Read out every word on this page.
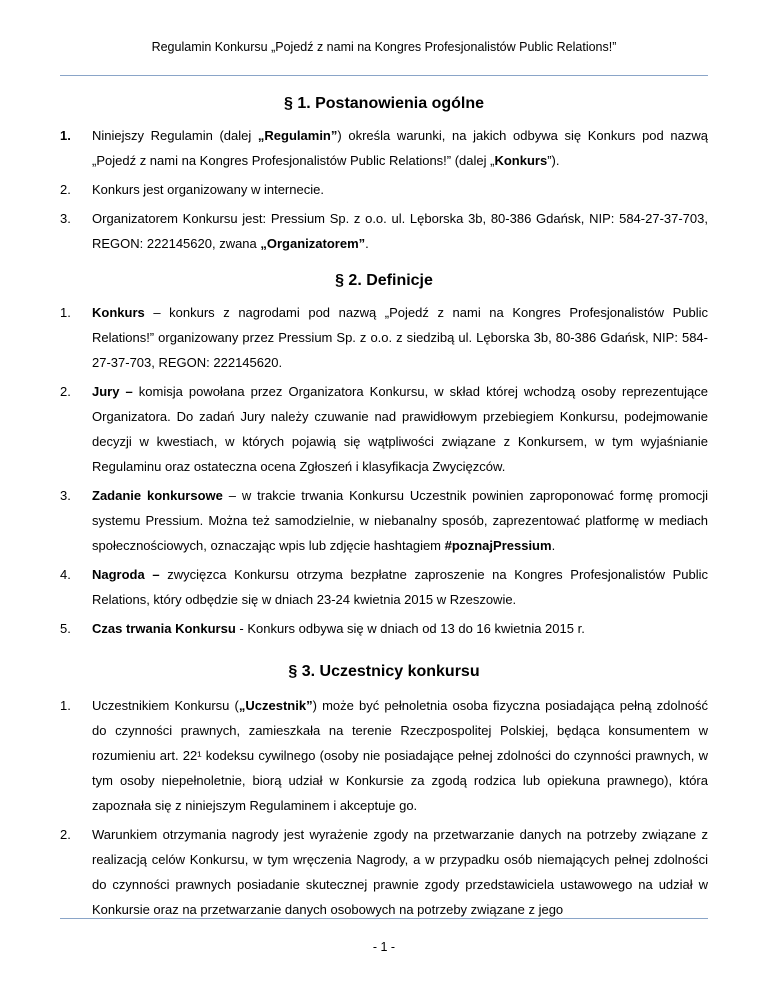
Regulamin Konkursu „Pojedź z nami na Kongres Profesjonalistów Public Relations!”
§ 1. Postanowienia ogólne
1. Niniejszy Regulamin (dalej „Regulamin”) określa warunki, na jakich odbywa się Konkurs pod nazwą „Pojedź z nami na Kongres Profesjonalistów Public Relations!” (dalej „Konkurs”).
2. Konkurs jest organizowany w internecie.
3. Organizatorem Konkursu jest: Pressium Sp. z o.o. ul. Lęborska 3b, 80-386 Gdańsk, NIP: 584-27-37-703, REGON: 222145620, zwana „Organizatorem”.
§ 2. Definicje
1. Konkurs – konkurs z nagrodami pod nazwą „Pojedź z nami na Kongres Profesjonalistów Public Relations!” organizowany przez Pressium Sp. z o.o. z siedzibą ul. Lęborska 3b, 80-386 Gdańsk, NIP: 584-27-37-703, REGON: 222145620.
2. Jury – komisja powołana przez Organizatora Konkursu, w skład której wchodzą osoby reprezentujące Organizatora. Do zadań Jury należy czuwanie nad prawidłowym przebiegiem Konkursu, podejmowanie decyzji w kwestiach, w których pojawią się wątpliwości związane z Konkursem, w tym wyjaśnianie Regulaminu oraz ostateczna ocena Zgłoszeń i klasyfikacja Zwycięzców.
3. Zadanie konkursowe – w trakcie trwania Konkursu Uczestnik powinien zaproponować formę promocji systemu Pressium. Można też samodzielnie, w niebanalny sposób, zaprezentować platformę w mediach społecznościowych, oznaczając wpis lub zdjęcie hashtagiem #poznajPressium.
4. Nagroda – zwycięzca Konkursu otrzyma bezpłatne zaproszenie na Kongres Profesjonalistów Public Relations, który odbędzie się w dniach 23-24 kwietnia 2015 w Rzeszowie.
5. Czas trwania Konkursu - Konkurs odbywa się w dniach od 13 do 16 kwietnia 2015 r.
§ 3. Uczestnicy konkursu
1. Uczestnikiem Konkursu („Uczestnik”) może być pełnoletnia osoba fizyczna posiadająca pełną zdolność do czynności prawnych, zamieszkała na terenie Rzeczpospolitej Polskiej, będąca konsumentem w rozumieniu art. 22¹ kodeksu cywilnego (osoby nie posiadające pełnej zdolności do czynności prawnych, w tym osoby niepełnoletnie, biorą udział w Konkursie za zgodą rodzica lub opiekuna prawnego), która zapoznała się z niniejszym Regulaminem i akceptuje go.
2. Warunkiem otrzymania nagrody jest wyrażenie zgody na przetwarzanie danych na potrzeby związane z realizacją celów Konkursu, w tym wręczenia Nagrody, a w przypadku osób niemających pełnej zdolności do czynności prawnych posiadanie skutecznej prawnie zgody przedstawiciela ustawowego na udział w Konkursie oraz na przetwarzanie danych osobowych na potrzeby związane z jego
- 1 -
